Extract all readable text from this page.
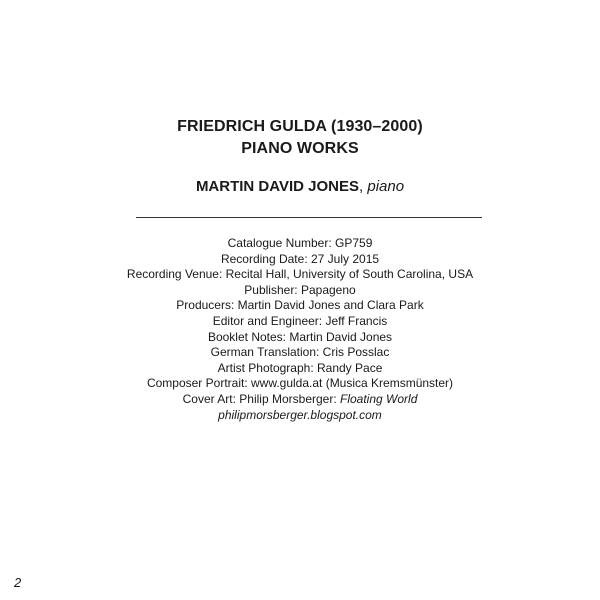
FRIEDRICH GULDA (1930–2000)
PIANO WORKS
MARTIN DAVID JONES, piano
Catalogue Number: GP759
Recording Date: 27 July 2015
Recording Venue: Recital Hall, University of South Carolina, USA
Publisher: Papageno
Producers: Martin David Jones and Clara Park
Editor and Engineer: Jeff Francis
Booklet Notes: Martin David Jones
German Translation: Cris Posslac
Artist Photograph: Randy Pace
Composer Portrait: www.gulda.at (Musica Kremsmünster)
Cover Art: Philip Morsberger: Floating World
philipmorsberger.blogspot.com
2
